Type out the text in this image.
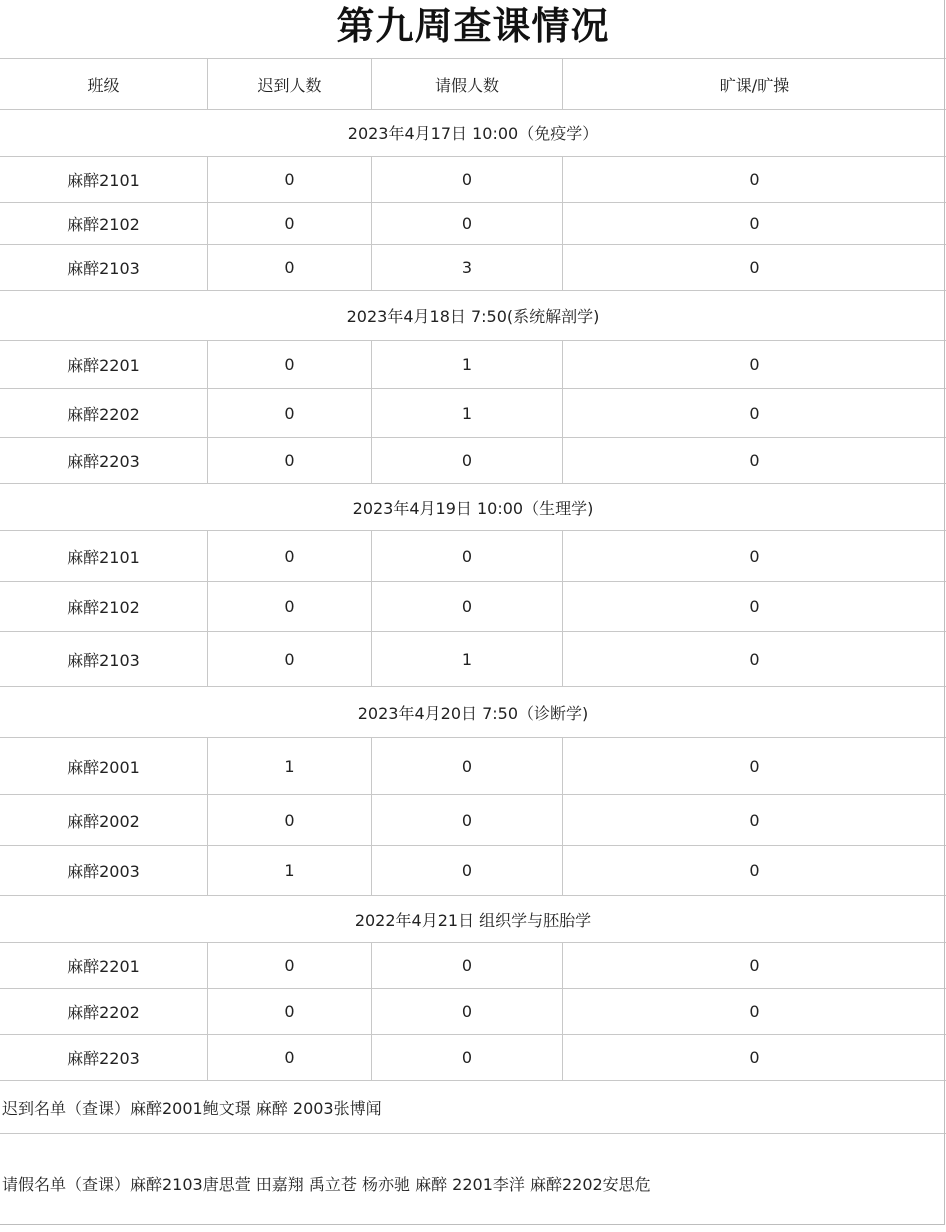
第九周查课情况
班级	迟到人数	请假人数	旷课/旷操
2023年4月17日 10:00（免疫学）
麻醉2101	0	0	0
麻醉2102	0	0	0
麻醉2103	0	3	0
2023年4月18日 7:50(系统解剖学)
麻醉2201	0	1	0
麻醉2202	0	1	0
麻醉2203	0	0	0
2023年4月19日 10:00（生理学)
麻醉2101	0	0	0
麻醉2102	0	0	0
麻醉2103	0	1	0
2023年4月20日 7:50（诊断学)
麻醉2001	1	0	0
麻醉2002	0	0	0
麻醉2003	1	0	0
2022年4月21日 组织学与胚胎学
麻醉2201	0	0	0
麻醉2202	0	0	0
麻醉2203	0	0	0
迟到名单（查课）麻醉2001鲍文璟 麻醉 2003张博闻
请假名单（查课）麻醉2103唐思萱 田嘉翔 禹立苍 杨亦驰 麻醉 2201李洋 麻醉2202安思危
